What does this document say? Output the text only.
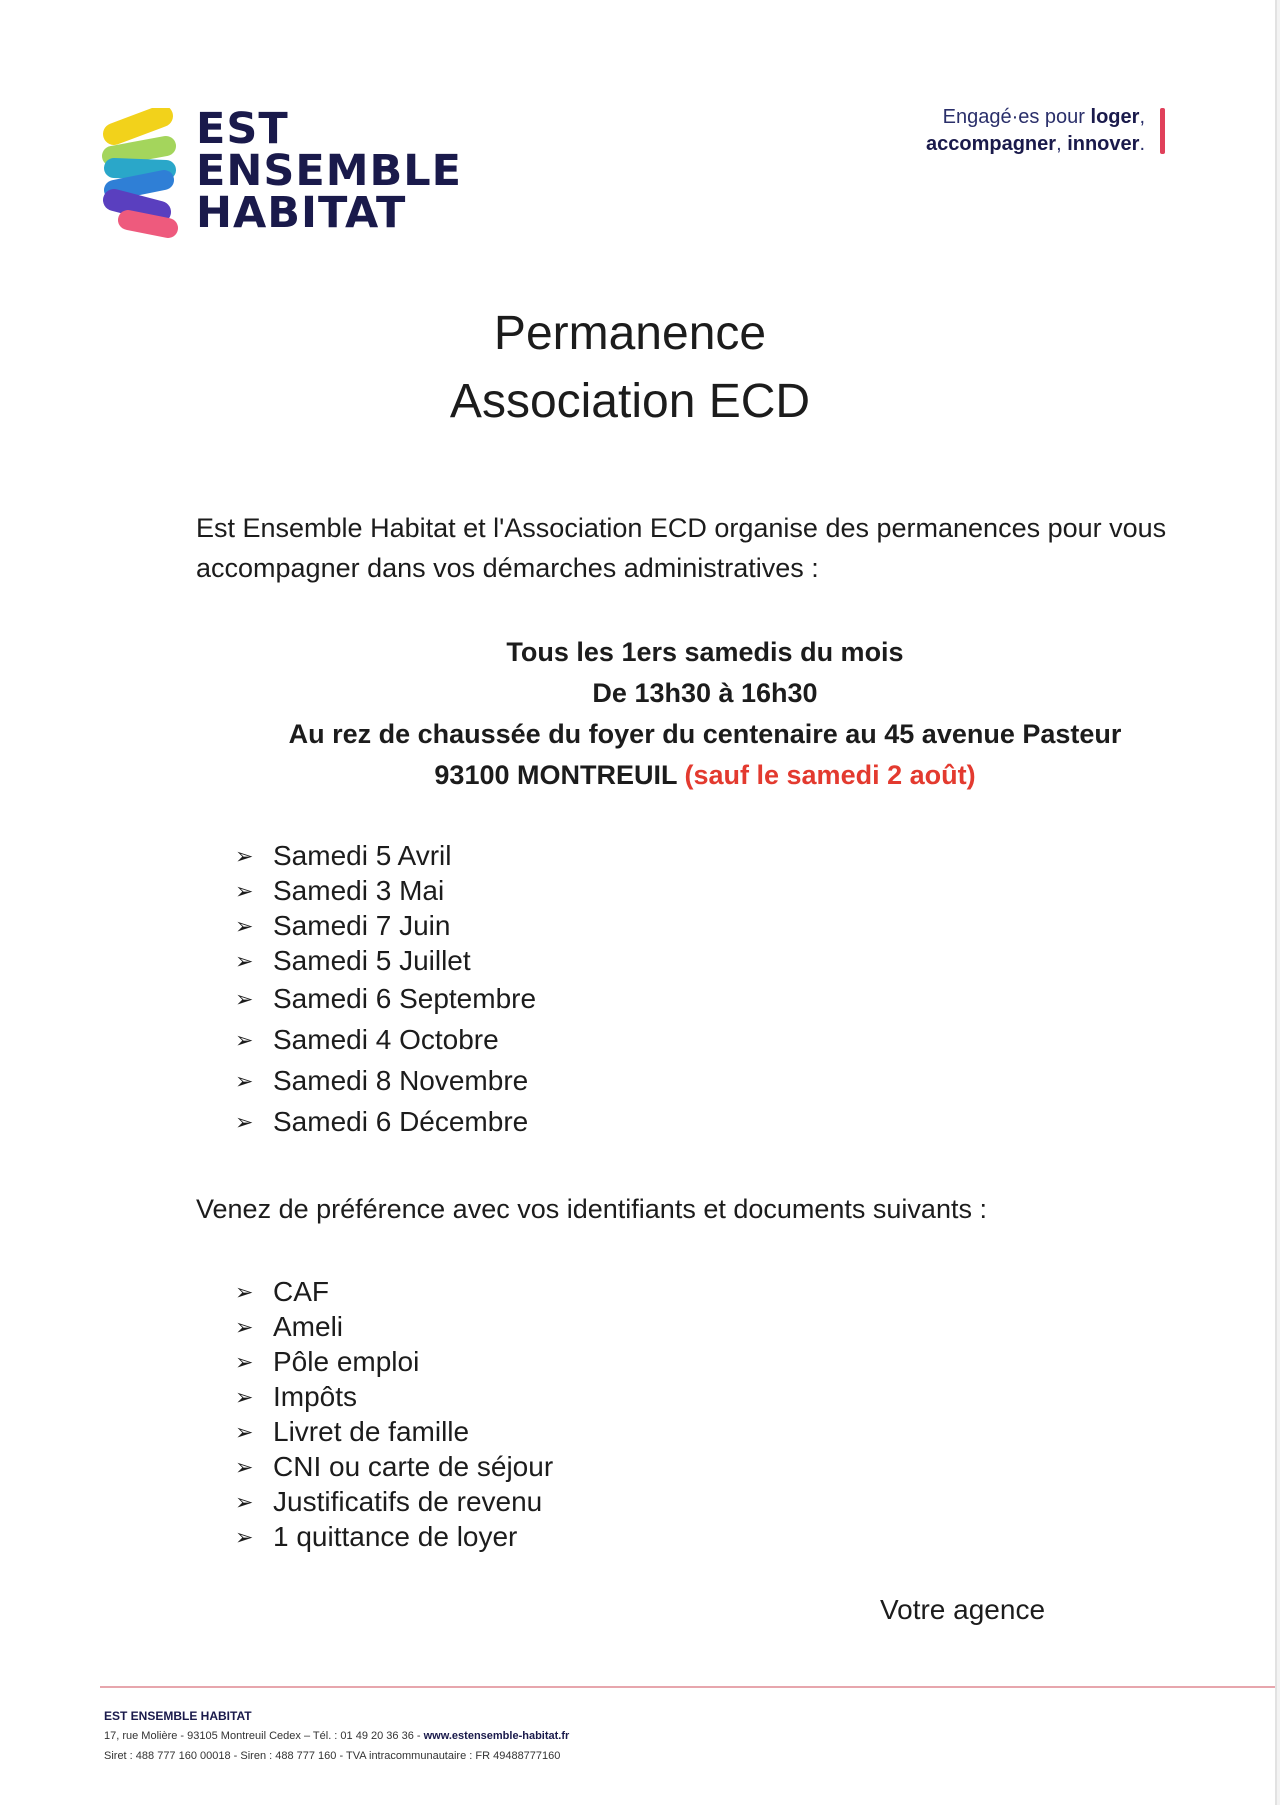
EST
ENSEMBLE
HABITAT
Engagé·es pour loger,
accompagner, innover.
Permanence
Association ECD
Est Ensemble Habitat et l'Association ECD organise des permanences pour vous accompagner dans vos démarches administratives :
Tous les 1ers samedis du mois
De 13h30 à 16h30
Au rez de chaussée du foyer du centenaire au 45 avenue Pasteur
93100 MONTREUIL (sauf le samedi 2 août)
➢ Samedi 5 Avril
➢ Samedi 3 Mai
➢ Samedi 7 Juin
➢ Samedi 5 Juillet
➢ Samedi 6 Septembre
➢ Samedi 4 Octobre
➢ Samedi 8 Novembre
➢ Samedi 6 Décembre
Venez de préférence avec vos identifiants et documents suivants :
➢ CAF
➢ Ameli
➢ Pôle emploi
➢ Impôts
➢ Livret de famille
➢ CNI ou carte de séjour
➢ Justificatifs de revenu
➢ 1 quittance de loyer
Votre agence
EST ENSEMBLE HABITAT
17, rue Molière - 93105 Montreuil Cedex – Tél. : 01 49 20 36 36 - www.estensemble-habitat.fr
Siret : 488 777 160 00018 - Siren : 488 777 160 - TVA intracommunautaire : FR 49488777160
